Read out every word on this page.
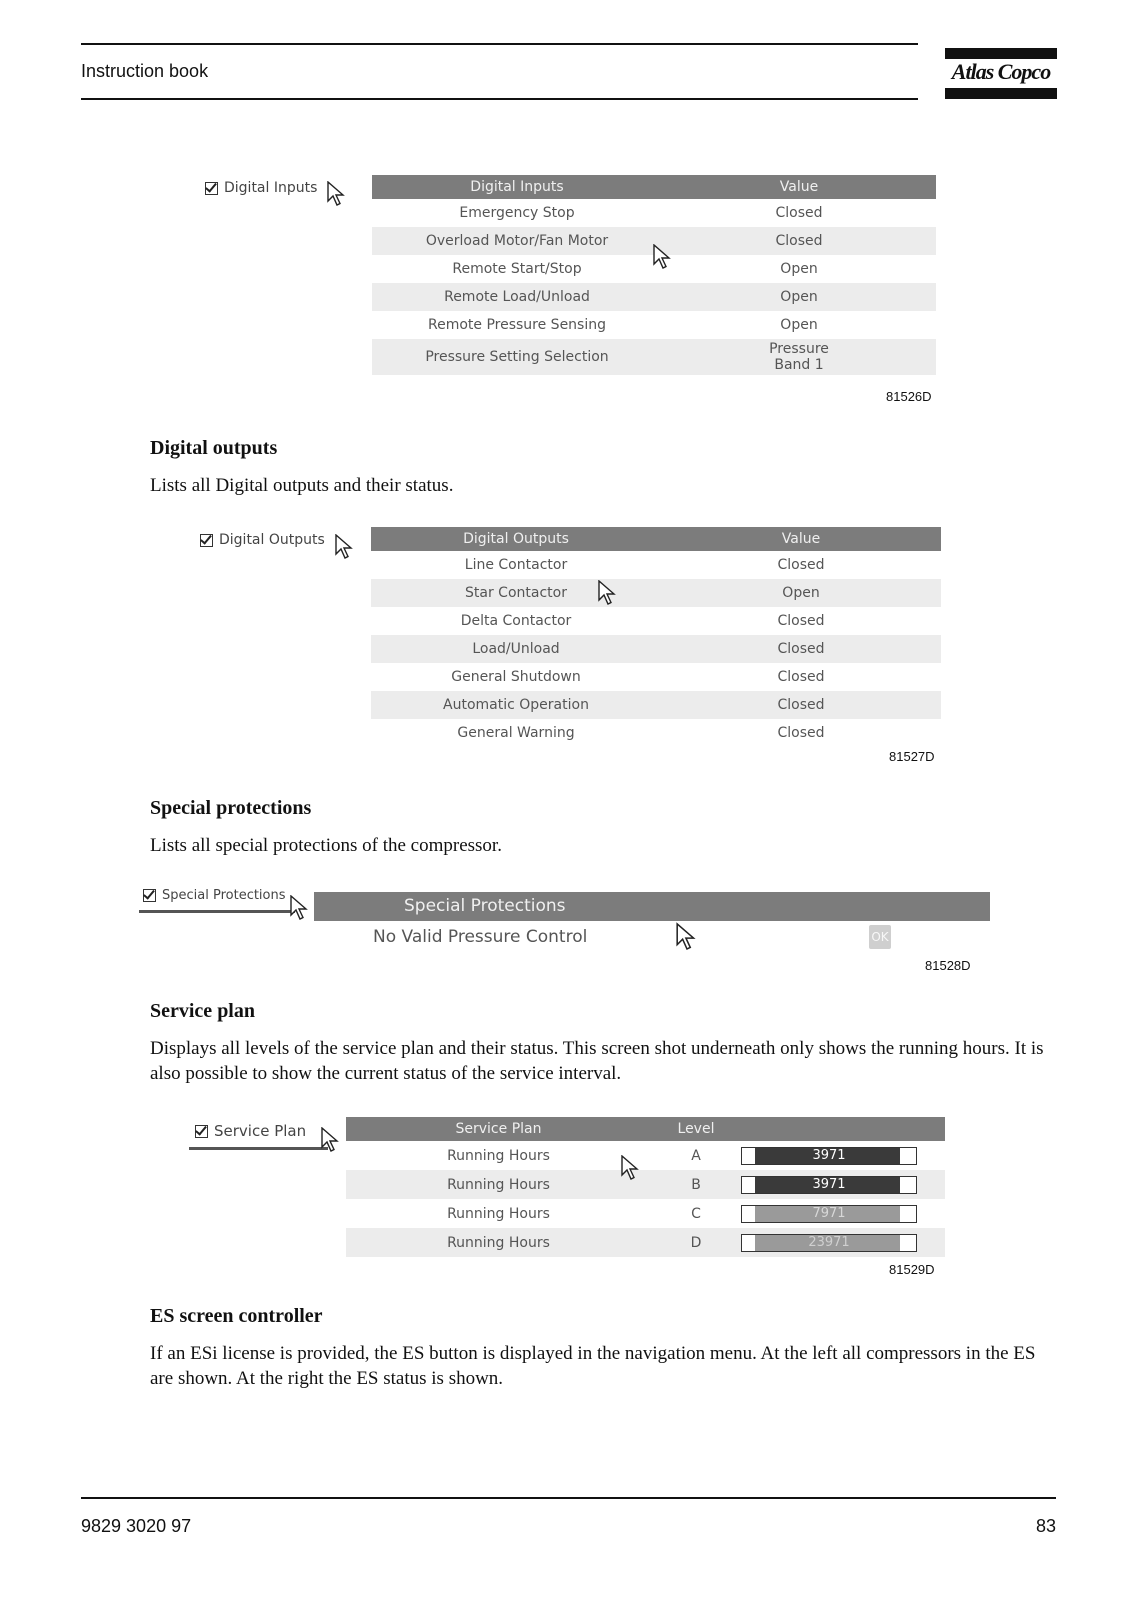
Instruction book	Atlas Copco
Digital Inputs	Digital Inputs	Value
Emergency Stop	Closed
Overload Motor/Fan Motor	Closed
Remote Start/Stop	Open
Remote Load/Unload	Open
Remote Pressure Sensing	Open
Pressure Setting Selection	Pressure
Band 1
81526D
Digital outputs
Lists all Digital outputs and their status.
Digital Outputs	Digital Outputs	Value
Line Contactor	Closed
Star Contactor	Open
Delta Contactor	Closed
Load/Unload	Closed
General Shutdown	Closed
Automatic Operation	Closed
General Warning	Closed
81527D
Special protections
Lists all special protections of the compressor.
Special Protections
Special Protections
No Valid Pressure Control	OK
81528D
Service plan
Displays all levels of the service plan and their status. This screen shot underneath only shows the running hours. It is also possible to show the current status of the service interval.
Service Plan	Service Plan	Level	
Running Hours	A	3971

Running Hours	B	3971

Running Hours	C	7971

Running Hours	D	23971
81529D
ES screen controller
If an ESi license is provided, the ES button is displayed in the navigation menu. At the left all compressors in the ES are shown. At the right the ES status is shown.
9829 3020 97	83
